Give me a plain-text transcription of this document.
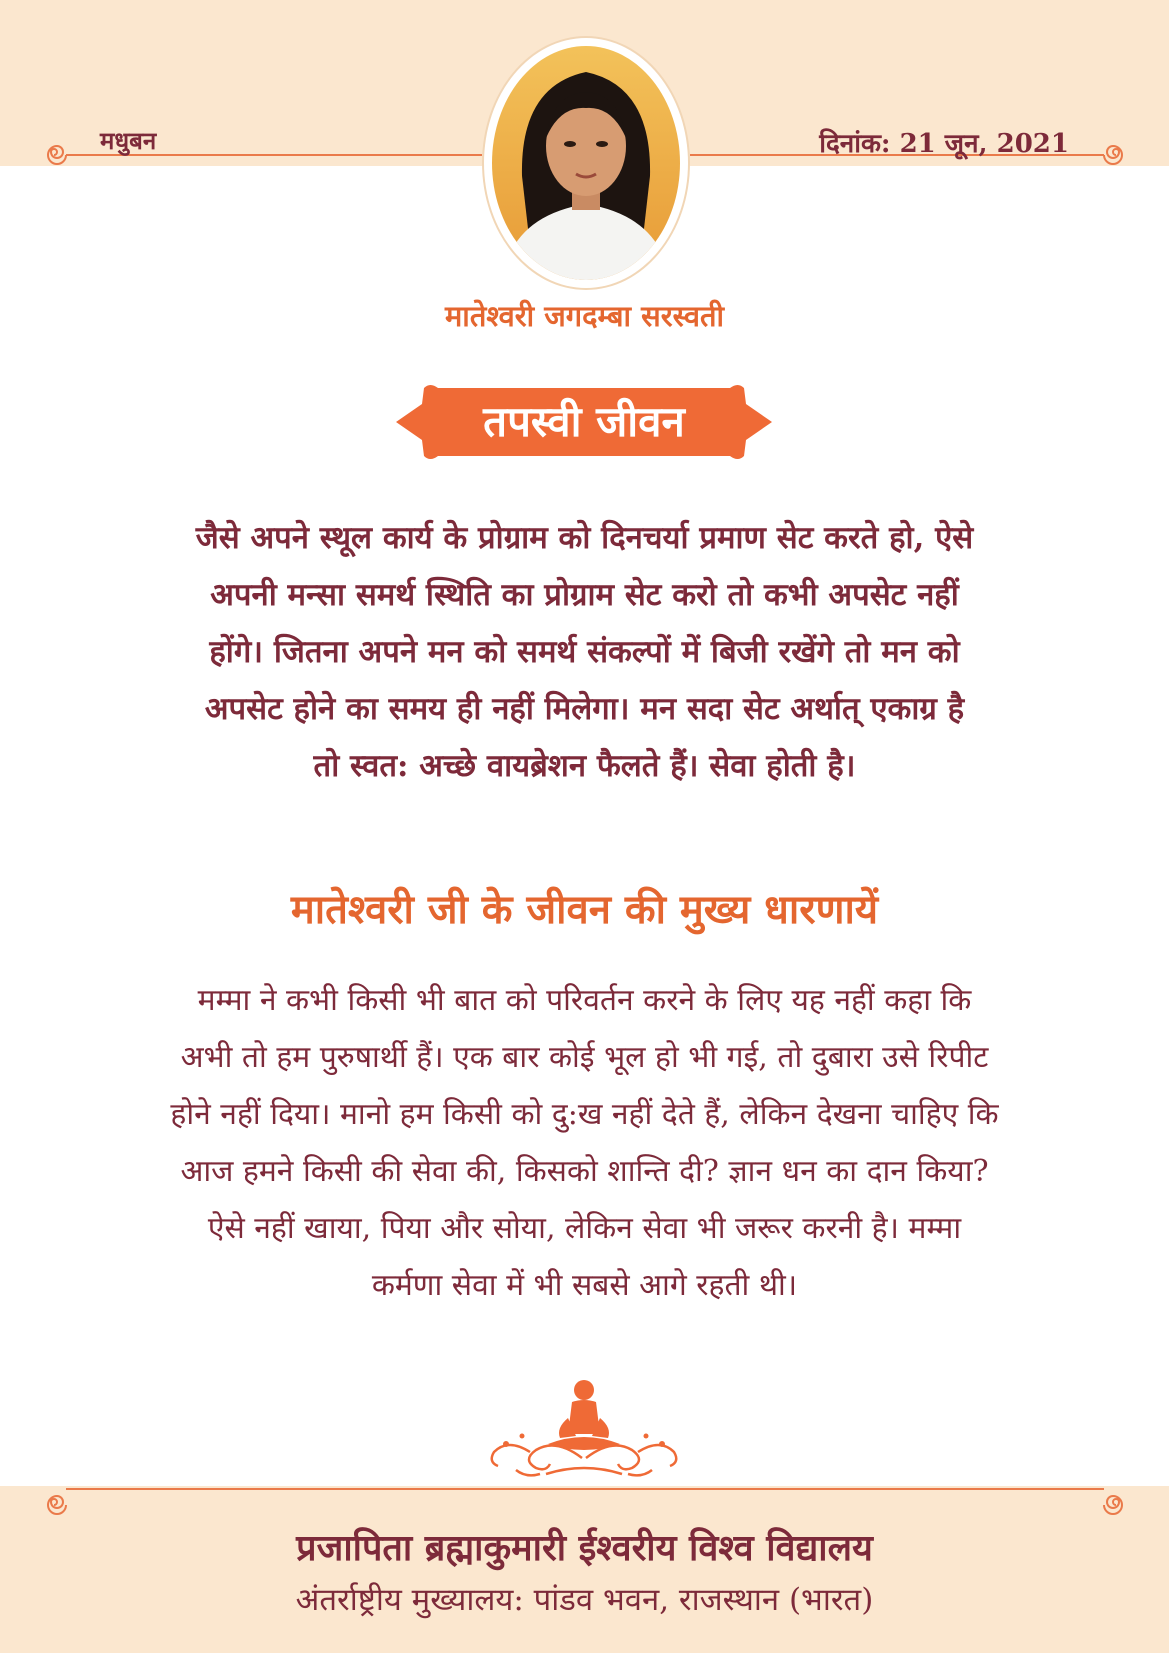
मधुबन	दिनांक: 21 जून, 2021
मातेश्वरी जगदम्बा सरस्वती
तपस्वी जीवन

जैसे अपने स्थूल कार्य के प्रोग्राम को दिनचर्या प्रमाण सेट करते हो, ऐसे अपनी मन्सा समर्थ स्थिति का प्रोग्राम सेट करो तो कभी अपसेट नहीं होंगे। जितना अपने मन को समर्थ संकल्पों में बिजी रखेंगे तो मन को अपसेट होने का समय ही नहीं मिलेगा। मन सदा सेट अर्थात् एकाग्र है तो स्वत: अच्छे वायब्रेशन फैलते हैं। सेवा होती है।

मातेश्वरी जी के जीवन की मुख्य धारणायें

मम्मा ने कभी किसी भी बात को परिवर्तन करने के लिए यह नहीं कहा कि अभी तो हम पुरुषार्थी हैं। एक बार कोई भूल हो भी गई, तो दुबारा उसे रिपीट होने नहीं दिया। मानो हम किसी को दु:ख नहीं देते हैं, लेकिन देखना चाहिए कि आज हमने किसी की सेवा की, किसको शान्ति दी? ज्ञान धन का दान किया? ऐसे नहीं खाया, पिया और सोया, लेकिन सेवा भी जरूर करनी है। मम्मा कर्मणा सेवा में भी सबसे आगे रहती थी।

प्रजापिता ब्रह्माकुमारी ईश्वरीय विश्व विद्यालय
अंतर्राष्ट्रीय मुख्यालय: पांडव भवन, राजस्थान (भारत)
